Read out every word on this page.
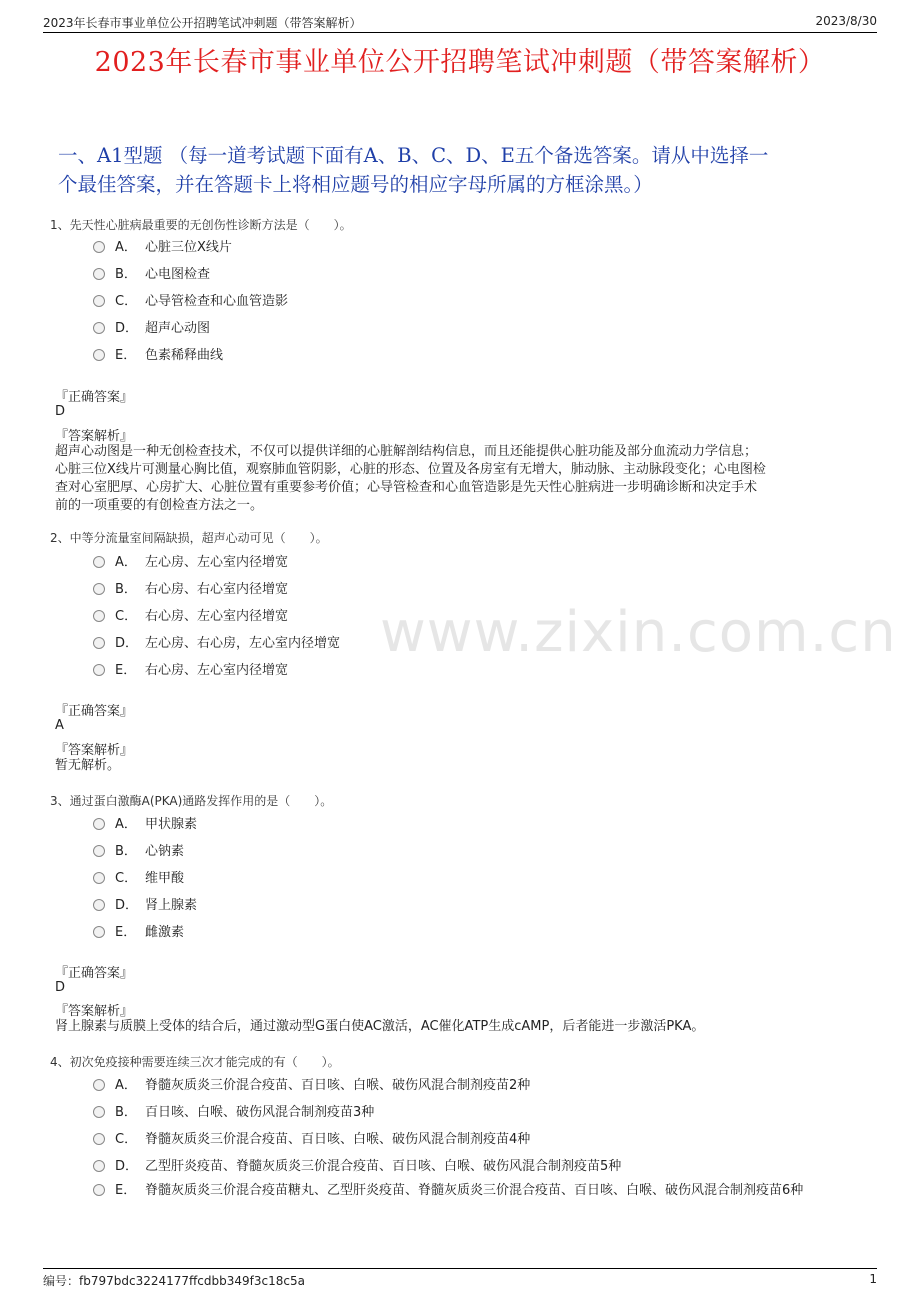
2023年长春市事业单位公开招聘笔试冲刺题（带答案解析）	2023/8/30
2023年长春市事业单位公开招聘笔试冲刺题（带答案解析）
一、A1型题 （每一道考试题下面有A、B、C、D、E五个备选答案。请从中选择一
个最佳答案，并在答题卡上将相应题号的相应字母所属的方框涂黑。）
www.zixin.com.cn
1、先天性心脏病最重要的无创伤性诊断方法是（　　）。
A． 心脏三位X线片
B． 心电图检查
C． 心导管检查和心血管造影
D． 超声心动图
E． 色素稀释曲线
『正确答案』
D
『答案解析』
超声心动图是一种无创检查技术，不仅可以提供详细的心脏解剖结构信息，而且还能提供心脏功能及部分血流动力学信息；
心脏三位X线片可测量心胸比值，观察肺血管阴影，心脏的形态、位置及各房室有无增大，肺动脉、主动脉段变化；心电图检
查对心室肥厚、心房扩大、心脏位置有重要参考价值；心导管检查和心血管造影是先天性心脏病进一步明确诊断和决定手术
前的一项重要的有创检查方法之一。
2、中等分流量室间隔缺损，超声心动可见（　　）。
A． 左心房、左心室内径增宽
B． 右心房、右心室内径增宽
C． 右心房、左心室内径增宽
D． 左心房、右心房，左心室内径增宽
E． 右心房、左心室内径增宽
『正确答案』
A
『答案解析』
暂无解析。
3、通过蛋白激酶A(PKA)通路发挥作用的是（　　）。
A． 甲状腺素
B． 心钠素
C． 维甲酸
D． 肾上腺素
E． 雌激素
『正确答案』
D
『答案解析』
肾上腺素与质膜上受体的结合后，通过激动型G蛋白使AC激活，AC催化ATP生成cAMP，后者能进一步激活PKA。
4、初次免疫接种需要连续三次才能完成的有（　　）。
A． 脊髓灰质炎三价混合疫苗、百日咳、白喉、破伤风混合制剂疫苗2种
B． 百日咳、白喉、破伤风混合制剂疫苗3种
C． 脊髓灰质炎三价混合疫苗、百日咳、白喉、破伤风混合制剂疫苗4种
D． 乙型肝炎疫苗、脊髓灰质炎三价混合疫苗、百日咳、白喉、破伤风混合制剂疫苗5种
E． 脊髓灰质炎三价混合疫苗糖丸、乙型肝炎疫苗、脊髓灰质炎三价混合疫苗、百日咳、白喉、破伤风混合制剂疫苗6种
编号：fb797bdc3224177ffcdbb349f3c18c5a	1
